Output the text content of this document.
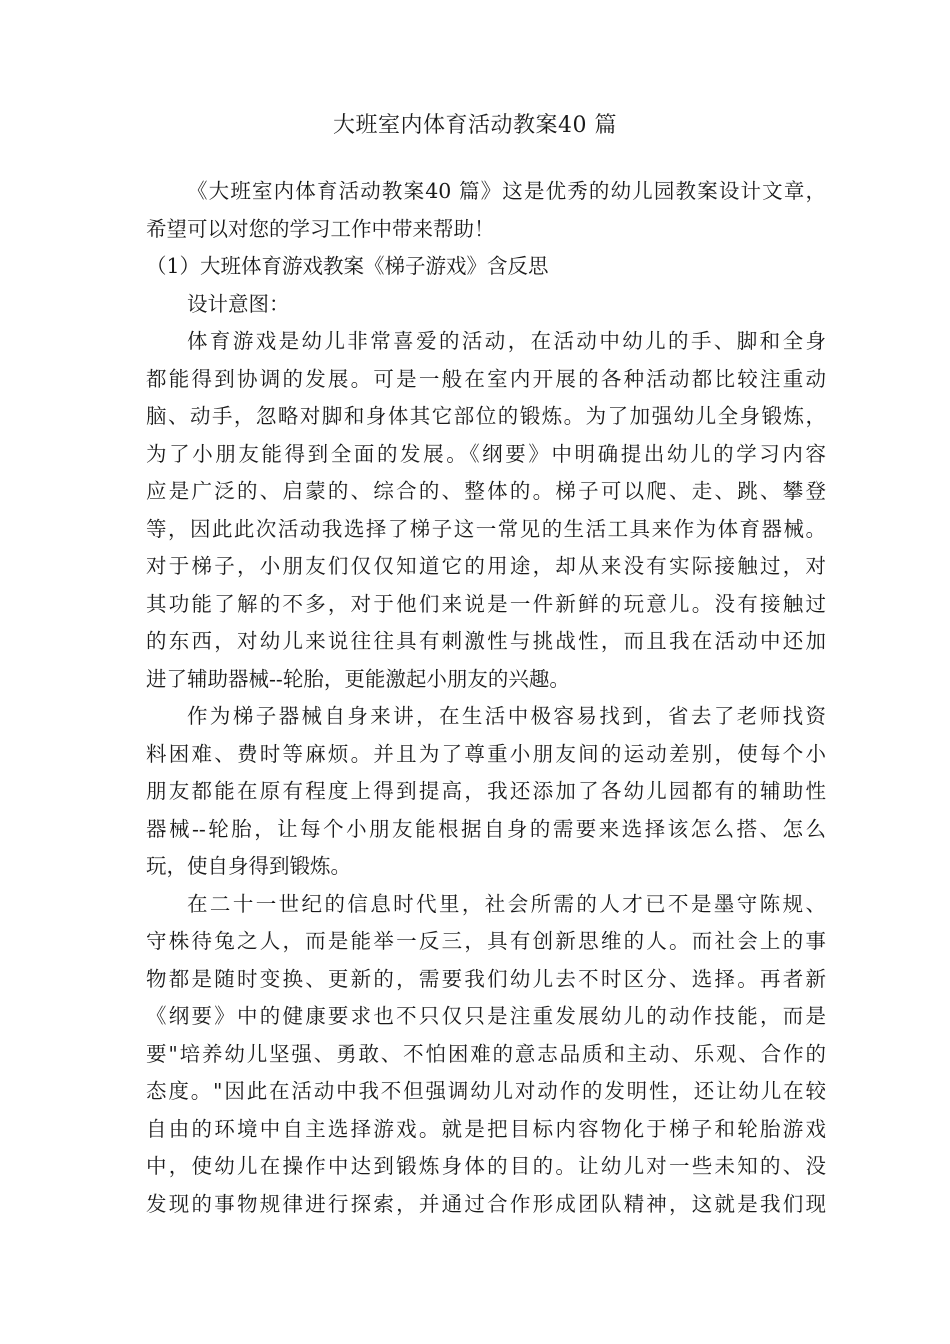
大班室内体育活动教案40 篇
《大班室内体育活动教案40 篇》这是优秀的幼儿园教案设计文章，
希望可以对您的学习工作中带来帮助！
（1）大班体育游戏教案《梯子游戏》含反思
设计意图：
体育游戏是幼儿非常喜爱的活动，在活动中幼儿的手、脚和全身
都能得到协调的发展。可是一般在室内开展的各种活动都比较注重动
脑、动手，忽略对脚和身体其它部位的锻炼。为了加强幼儿全身锻炼，
为了小朋友能得到全面的发展。《纲要》中明确提出幼儿的学习内容
应是广泛的、启蒙的、综合的、整体的。梯子可以爬、走、跳、攀登
等，因此此次活动我选择了梯子这一常见的生活工具来作为体育器械。
对于梯子，小朋友们仅仅知道它的用途，却从来没有实际接触过，对
其功能了解的不多，对于他们来说是一件新鲜的玩意儿。没有接触过
的东西，对幼儿来说往往具有刺激性与挑战性，而且我在活动中还加
进了辅助器械--轮胎，更能激起小朋友的兴趣。
作为梯子器械自身来讲，在生活中极容易找到，省去了老师找资
料困难、费时等麻烦。并且为了尊重小朋友间的运动差别，使每个小
朋友都能在原有程度上得到提高，我还添加了各幼儿园都有的辅助性
器械--轮胎，让每个小朋友能根据自身的需要来选择该怎么搭、怎么
玩，使自身得到锻炼。
在二十一世纪的信息时代里，社会所需的人才已不是墨守陈规、
守株待兔之人，而是能举一反三，具有创新思维的人。而社会上的事
物都是随时变换、更新的，需要我们幼儿去不时区分、选择。再者新
《纲要》中的健康要求也不只仅只是注重发展幼儿的动作技能，而是
要"培养幼儿坚强、勇敢、不怕困难的意志品质和主动、乐观、合作的
态度。"因此在活动中我不但强调幼儿对动作的发明性，还让幼儿在较
自由的环境中自主选择游戏。就是把目标内容物化于梯子和轮胎游戏
中，使幼儿在操作中达到锻炼身体的目的。让幼儿对一些未知的、没
发现的事物规律进行探索，并通过合作形成团队精神，这就是我们现
